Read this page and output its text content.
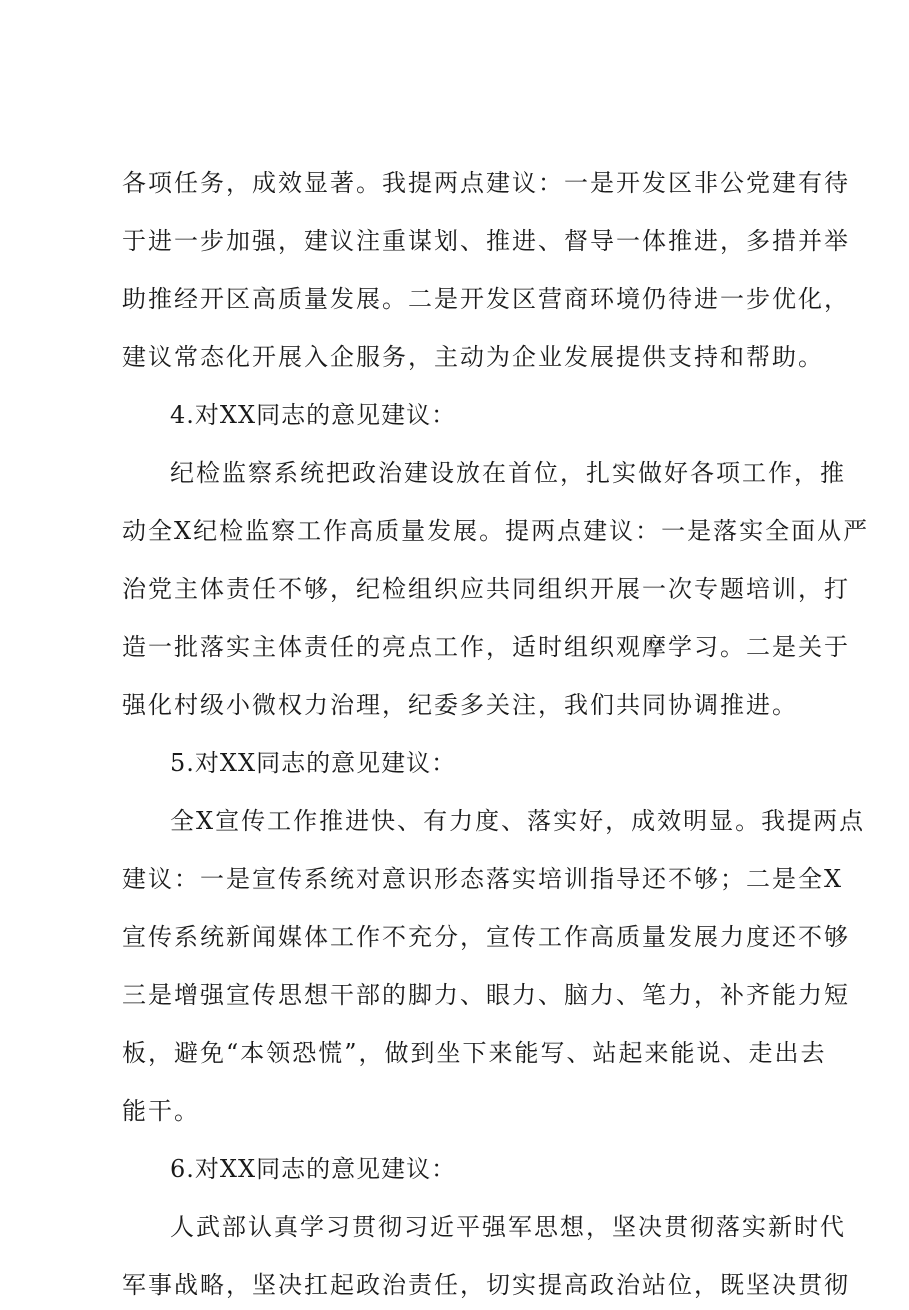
各项任务，成效显著。我提两点建议：一是开发区非公党建有待
于进一步加强，建议注重谋划、推进、督导一体推进，多措并举
助推经开区高质量发展。二是开发区营商环境仍待进一步优化，
建议常态化开展入企服务，主动为企业发展提供支持和帮助。
4.对XX同志的意见建议：
纪检监察系统把政治建设放在首位，扎实做好各项工作，推
动全X纪检监察工作高质量发展。提两点建议：一是落实全面从严
治党主体责任不够，纪检组织应共同组织开展一次专题培训，打
造一批落实主体责任的亮点工作，适时组织观摩学习。二是关于
强化村级小微权力治理，纪委多关注，我们共同协调推进。
5.对XX同志的意见建议：
全X宣传工作推进快、有力度、落实好，成效明显。我提两点
建议：一是宣传系统对意识形态落实培训指导还不够；二是全X
宣传系统新闻媒体工作不充分，宣传工作高质量发展力度还不够
三是增强宣传思想干部的脚力、眼力、脑力、笔力，补齐能力短
板，避免“本领恐慌”，做到坐下来能写、站起来能说、走出去
能干。
6.对XX同志的意见建议：
人武部认真学习贯彻习近平强军思想，坚决贯彻落实新时代
军事战略，坚决扛起政治责任，切实提高政治站位，既坚决贯彻
